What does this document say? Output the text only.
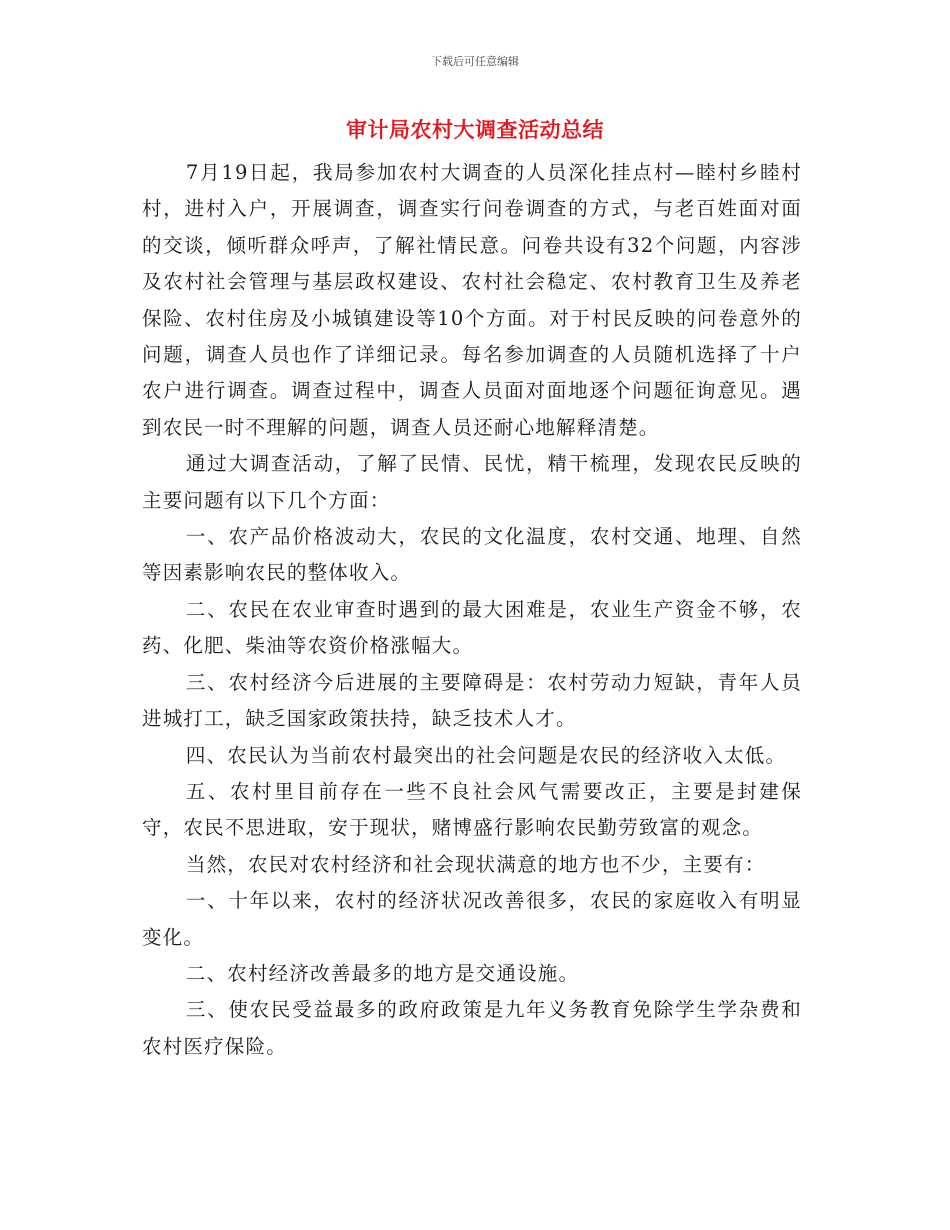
下载后可任意编辑
审计局农村大调查活动总结

7月19日起，我局参加农村大调查的人员深化挂点村—睦村乡睦村村，进村入户，开展调查，调查实行问卷调查的方式，与老百姓面对面的交谈，倾听群众呼声，了解社情民意。问卷共设有32个问题，内容涉及农村社会管理与基层政权建设、农村社会稳定、农村教育卫生及养老保险、农村住房及小城镇建设等10个方面。对于村民反映的问卷意外的问题，调查人员也作了详细记录。每名参加调查的人员随机选择了十户农户进行调查。调查过程中，调查人员面对面地逐个问题征询意见。遇到农民一时不理解的问题，调查人员还耐心地解释清楚。

通过大调查活动，了解了民情、民忧，精干梳理，发现农民反映的主要问题有以下几个方面：

一、农产品价格波动大，农民的文化温度，农村交通、地理、自然等因素影响农民的整体收入。

二、农民在农业审查时遇到的最大困难是，农业生产资金不够，农药、化肥、柴油等农资价格涨幅大。

三、农村经济今后进展的主要障碍是：农村劳动力短缺，青年人员进城打工，缺乏国家政策扶持，缺乏技术人才。

四、农民认为当前农村最突出的社会问题是农民的经济收入太低。

五、农村里目前存在一些不良社会风气需要改正，主要是封建保守，农民不思进取，安于现状，赌博盛行影响农民勤劳致富的观念。

当然，农民对农村经济和社会现状满意的地方也不少，主要有：

一、十年以来，农村的经济状况改善很多，农民的家庭收入有明显变化。

二、农村经济改善最多的地方是交通设施。

三、使农民受益最多的政府政策是九年义务教育免除学生学杂费和农村医疗保险。
